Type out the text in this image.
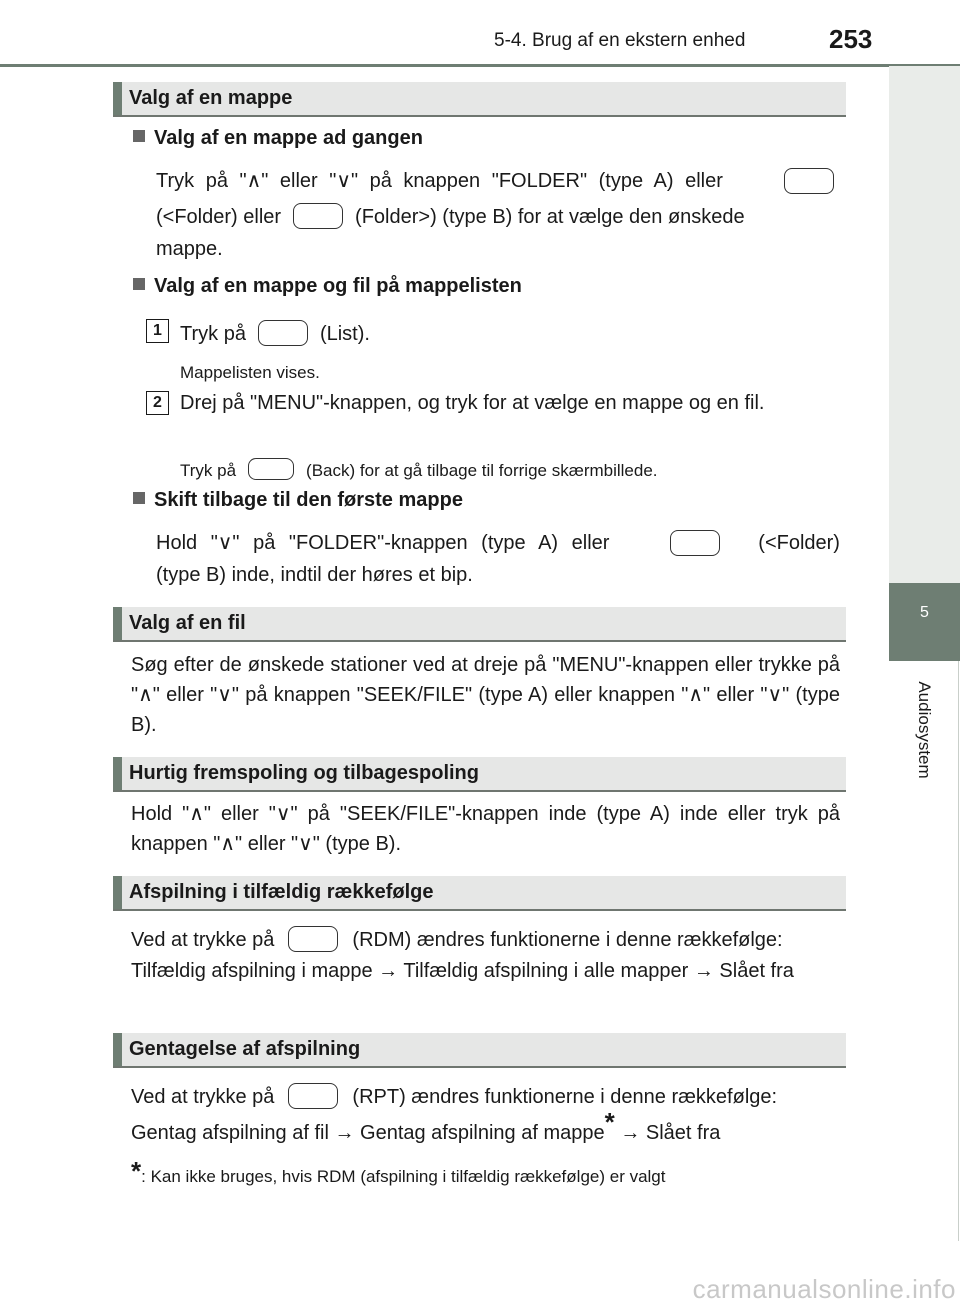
5-4. Brug af en ekstern enhed	253
5
Audiosystem
Valg af en mappe
Valg af en mappe ad gangen
Tryk på "∧" eller "∨" på knappen "FOLDER" (type A) eller
(<Folder) eller	(Folder>) (type B) for at vælge den ønskede
mappe.
Valg af en mappe og fil på mappelisten
1 Tryk på	(List).
Mappelisten vises.
2 Drej på "MENU"-knappen, og tryk for at vælge en mappe og en fil.
Tryk på	(Back) for at gå tilbage til forrige skærmbillede.
Skift tilbage til den første mappe
Hold "∨" på "FOLDER"-knappen (type A) eller	(<Folder)
(type B) inde, indtil der høres et bip.
Valg af en fil
Søg efter de ønskede stationer ved at dreje på "MENU"-knappen eller trykke på "∧" eller "∨" på knappen "SEEK/FILE" (type A) eller knappen "∧" eller "∨" (type B).
Hurtig fremspoling og tilbagespoling
Hold "∧" eller "∨" på "SEEK/FILE"-knappen inde (type A) inde eller tryk på knappen "∧" eller "∨" (type B).
Afspilning i tilfældig rækkefølge
Ved at trykke på	(RDM) ændres funktionerne i denne rækkefølge:
Tilfældig afspilning i mappe → Tilfældig afspilning i alle mapper → Slået fra
Gentagelse af afspilning
Ved at trykke på	(RPT) ændres funktionerne i denne rækkefølge:
Gentag afspilning af fil → Gentag afspilning af mappe* → Slået fra
*: Kan ikke bruges, hvis RDM (afspilning i tilfældig rækkefølge) er valgt
carmanualsonline.info
